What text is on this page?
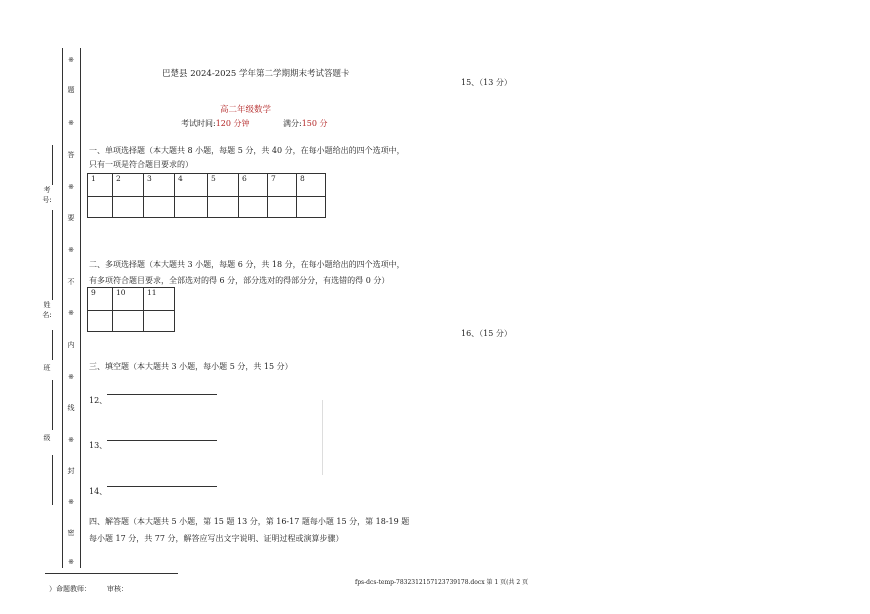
※
题
※
答
※
要
※
不
※
内
※
线
※
封
※
密
※
考号:
姓名:
班
级
巴楚县 2024-2025 学年第二学期期末考试答题卡
高二年级数学
考试时间:120 分钟	满分:150 分
一、单项选择题（本大题共 8 小题，每题 5 分，共 40 分，在每小题给出的四个选项中，
只有一项是符合题目要求的）
1	2	3	4	5	6	7	8

二、多项选择题（本大题共 3 小题，每题 6 分，共 18 分，在每小题给出的四个选项中，
有多项符合题目要求，全部选对的得 6 分，部分选对的得部分分，有选错的得 0 分）
9	10	11

三、填空题（本大题共 3 小题，每小题 5 分，共 15 分）
12、
13、
14、
四、解答题（本大题共 5 小题，第 15 题 13 分，第 16-17 题每小题 15 分，第 18-19 题
每小题 17 分，共 77 分，解答应写出文字说明、证明过程或演算步骤）
15、（13 分）
16、（15 分）
）命题教师： 审核：
fps-dcs-temp-7832312157123739178.docx 第 1 页(共 2 页
